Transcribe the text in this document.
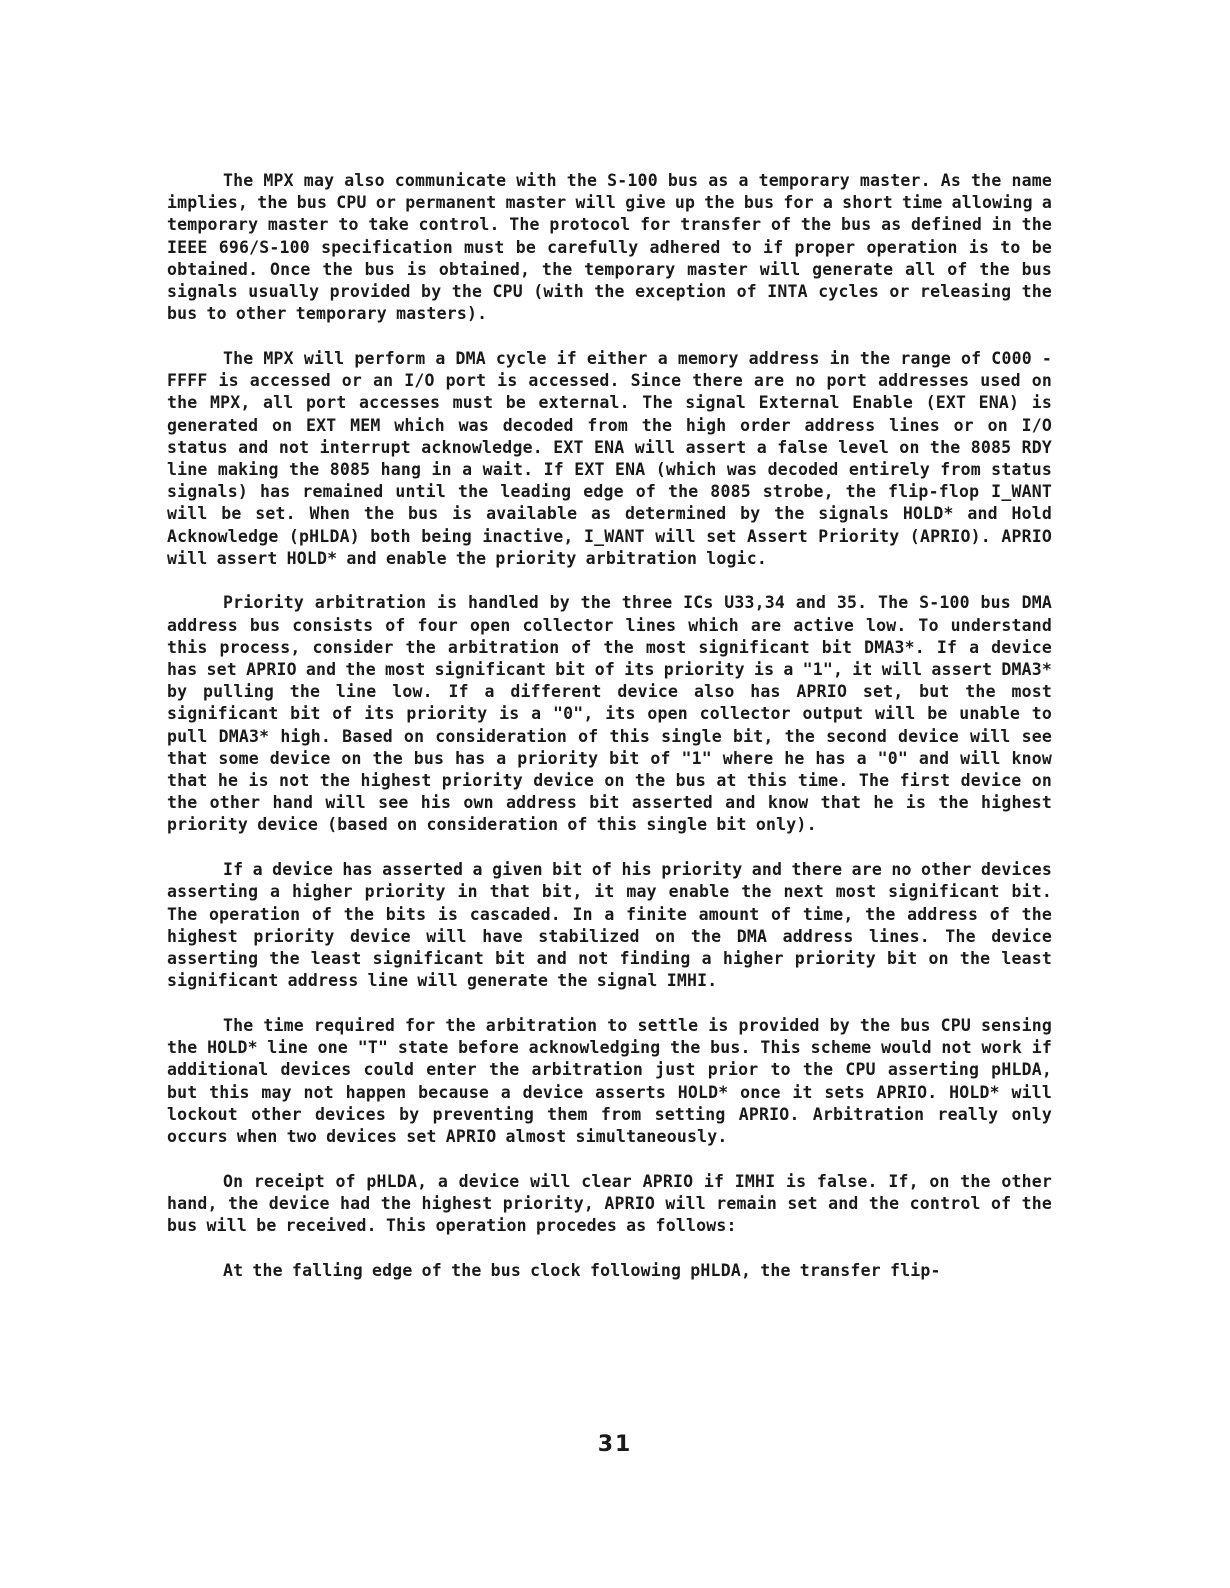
The MPX may also communicate with the S-100 bus as a temporary master. As the name implies, the bus CPU or permanent master will give up the bus for a short time allowing a temporary master to take control. The protocol for transfer of the bus as defined in the IEEE 696/S-100 specification must be carefully adhered to if proper operation is to be obtained. Once the bus is obtained, the temporary master will generate all of the bus signals usually provided by the CPU (with the exception of INTA cycles or releasing the bus to other temporary masters).

The MPX will perform a DMA cycle if either a memory address in the range of C000 - FFFF is accessed or an I/O port is accessed. Since there are no port addresses used on the MPX, all port accesses must be external. The signal External Enable (EXT ENA) is generated on EXT MEM which was decoded from the high order address lines or on I/O status and not interrupt acknowledge. EXT ENA will assert a false level on the 8085 RDY line making the 8085 hang in a wait. If EXT ENA (which was decoded entirely from status signals) has remained until the leading edge of the 8085 strobe, the flip-flop I_WANT will be set. When the bus is available as determined by the signals HOLD* and Hold Acknowledge (pHLDA) both being inactive, I_WANT will set Assert Priority (APRIO). APRIO will assert HOLD* and enable the priority arbitration logic.

Priority arbitration is handled by the three ICs U33,34 and 35. The S-100 bus DMA address bus consists of four open collector lines which are active low. To understand this process, consider the arbitration of the most significant bit DMA3*. If a device has set APRIO and the most significant bit of its priority is a "1", it will assert DMA3* by pulling the line low. If a different device also has APRIO set, but the most significant bit of its priority is a "0", its open collector output will be unable to pull DMA3* high. Based on consideration of this single bit, the second device will see that some device on the bus has a priority bit of "1" where he has a "0" and will know that he is not the highest priority device on the bus at this time. The first device on the other hand will see his own address bit asserted and know that he is the highest priority device (based on consideration of this single bit only).

If a device has asserted a given bit of his priority and there are no other devices asserting a higher priority in that bit, it may enable the next most significant bit. The operation of the bits is cascaded. In a finite amount of time, the address of the highest priority device will have stabilized on the DMA address lines. The device asserting the least significant bit and not finding a higher priority bit on the least significant address line will generate the signal IMHI.

The time required for the arbitration to settle is provided by the bus CPU sensing the HOLD* line one "T" state before acknowledging the bus. This scheme would not work if additional devices could enter the arbitration just prior to the CPU asserting pHLDA, but this may not happen because a device asserts HOLD* once it sets APRIO. HOLD* will lockout other devices by preventing them from setting APRIO. Arbitration really only occurs when two devices set APRIO almost simultaneously.

On receipt of pHLDA, a device will clear APRIO if IMHI is false. If, on the other hand, the device had the highest priority, APRIO will remain set and the control of the bus will be received. This operation procedes as follows:

At the falling edge of the bus clock following pHLDA, the transfer flip-

31
